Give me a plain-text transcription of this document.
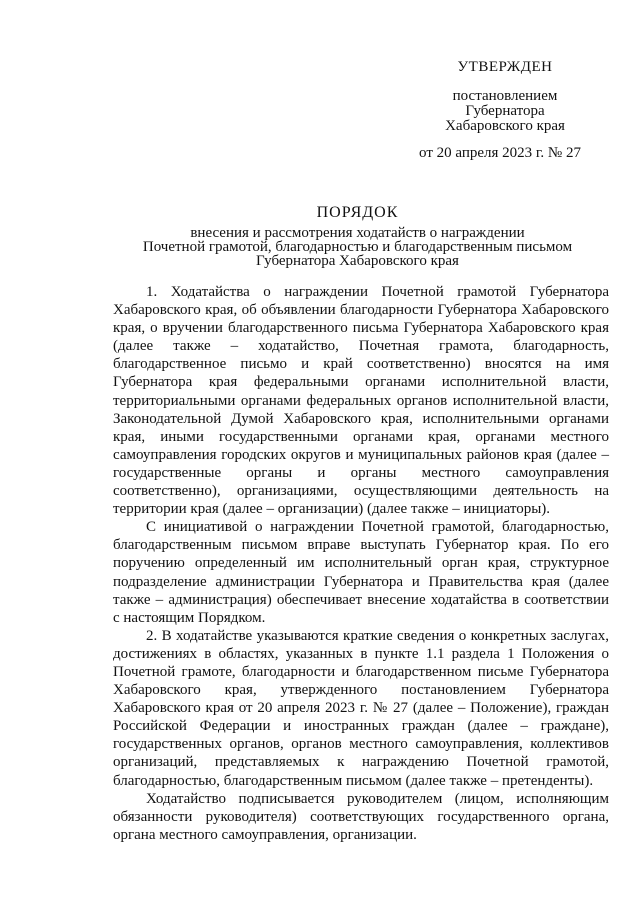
УТВЕРЖДЕН
постановлением
Губернатора
Хабаровского края
от 20 апреля 2023 г. № 27
ПОРЯДОК
внесения и рассмотрения ходатайств о награждении
Почетной грамотой, благодарностью и благодарственным письмом
Губернатора Хабаровского края

1. Ходатайства о награждении Почетной грамотой Губернатора Хабаровского края, об объявлении благодарности Губернатора Хабаровского края, о вручении благодарственного письма Губернатора Хабаровского края (далее также – ходатайство, Почетная грамота, благодарность, благодарственное письмо и край соответственно) вносятся на имя Губернатора края федеральными органами исполнительной власти, территориальными органами федеральных органов исполнительной власти, Законодательной Думой Хабаровского края, исполнительными органами края, иными государственными органами края, органами местного самоуправления городских округов и муниципальных районов края (далее – государственные органы и органы местного самоуправления соответственно), организациями, осуществляющими деятельность на территории края (далее – организации) (далее также – инициаторы).

С инициативой о награждении Почетной грамотой, благодарностью, благодарственным письмом вправе выступать Губернатор края. По его поручению определенный им исполнительный орган края, структурное подразделение администрации Губернатора и Правительства края (далее также – администрация) обеспечивает внесение ходатайства в соответствии с настоящим Порядком.

2. В ходатайстве указываются краткие сведения о конкретных заслугах, достижениях в областях, указанных в пункте 1.1 раздела 1 Положения о Почетной грамоте, благодарности и благодарственном письме Губернатора Хабаровского края, утвержденного постановлением Губернатора Хабаровского края от 20 апреля 2023 г. № 27 (далее – Положение), граждан Российской Федерации и иностранных граждан (далее – граждане), государственных органов, органов местного самоуправления, коллективов организаций, представляемых к награждению Почетной грамотой, благодарностью, благодарственным письмом (далее также – претенденты).

Ходатайство подписывается руководителем (лицом, исполняющим обязанности руководителя) соответствующих государственного органа, органа местного самоуправления, организации.
